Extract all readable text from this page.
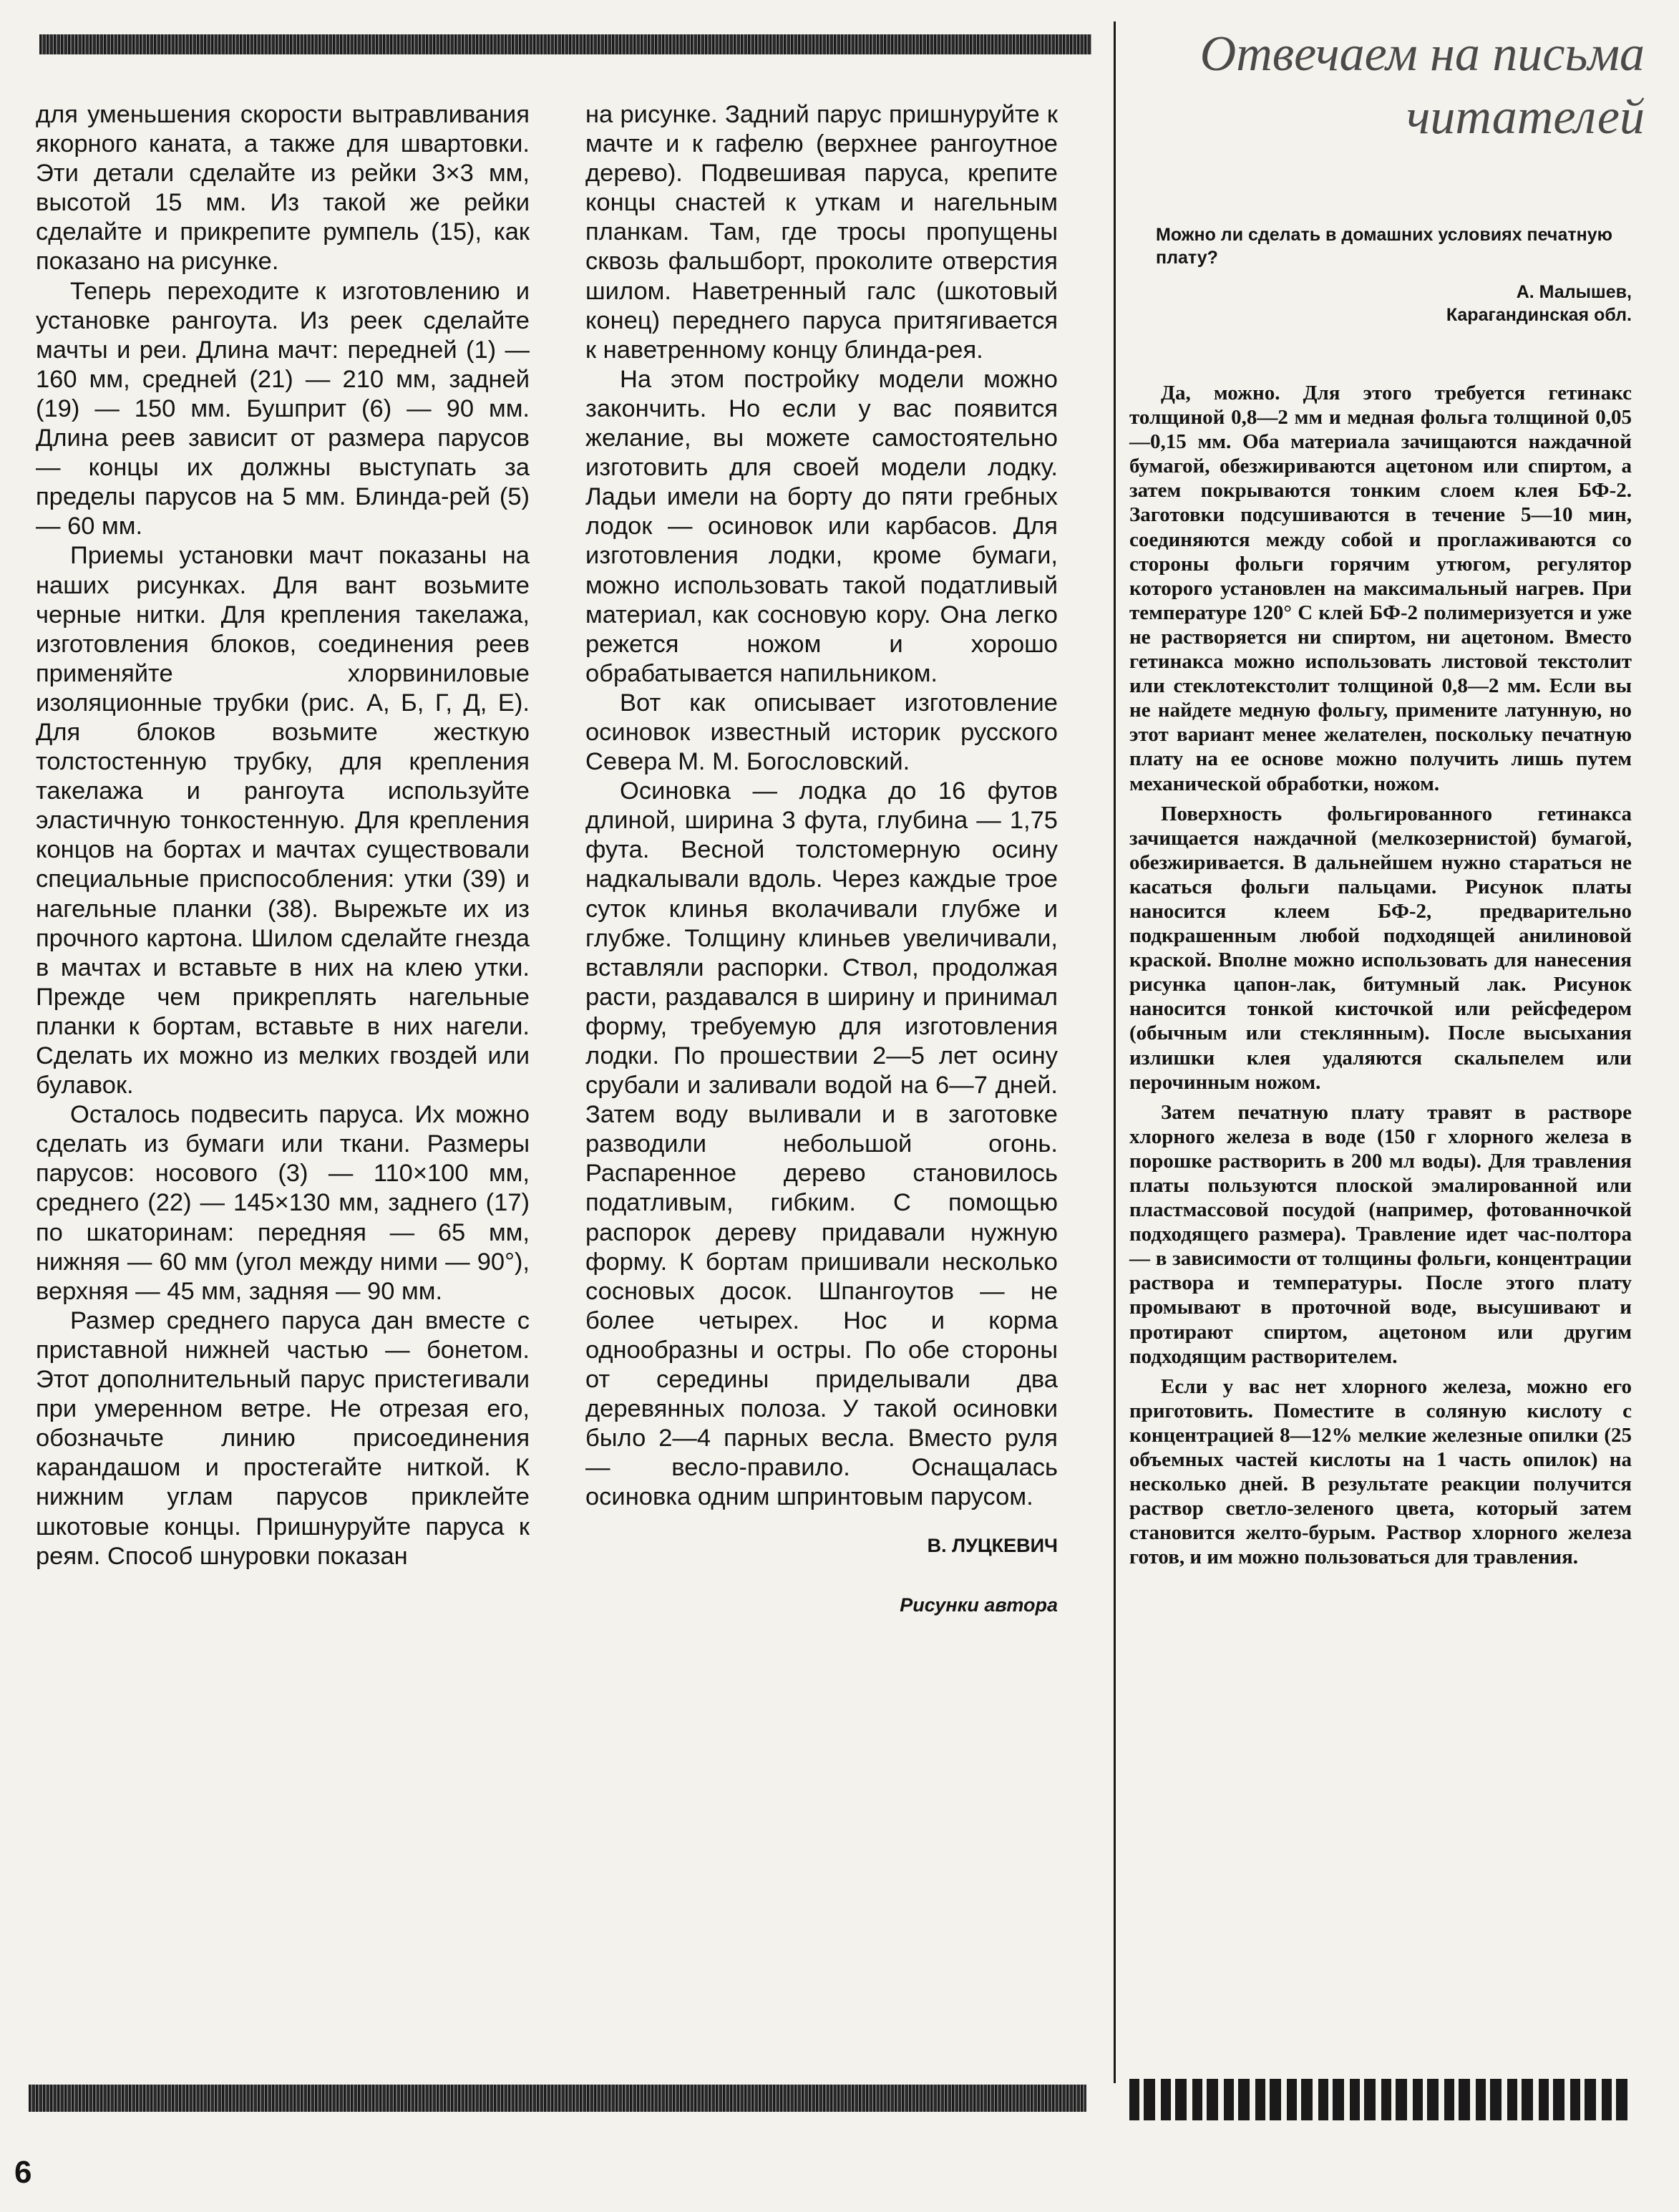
для уменьшения скорости вытравливания якорного каната, а также для швартовки. Эти детали сделайте из рейки 3×3 мм, высотой 15 мм. Из такой же рейки сделайте и прикрепите румпель (15), как показано на рисунке.

Теперь переходите к изготовлению и установке рангоута. Из реек сделайте мачты и реи. Длина мачт: передней (1) — 160 мм, средней (21) — 210 мм, задней (19) — 150 мм. Бушприт (6) — 90 мм. Длина реев зависит от размера парусов — концы их должны выступать за пределы парусов на 5 мм. Блинда-рей (5) — 60 мм.

Приемы установки мачт показаны на наших рисунках. Для вант возьмите черные нитки. Для крепления такелажа, изготовления блоков, соединения реев применяйте хлорвиниловые изоляционные трубки (рис. А, Б, Г, Д, Е). Для блоков возьмите жесткую толстостенную трубку, для крепления такелажа и рангоута используйте эластичную тонкостенную. Для крепления концов на бортах и мачтах существовали специальные приспособления: утки (39) и нагельные планки (38). Вырежьте их из прочного картона. Шилом сделайте гнезда в мачтах и вставьте в них на клею утки. Прежде чем прикреплять нагельные планки к бортам, вставьте в них нагели. Сделать их можно из мелких гвоздей или булавок.

Осталось подвесить паруса. Их можно сделать из бумаги или ткани. Размеры парусов: носового (3) — 110×100 мм, среднего (22) — 145×130 мм, заднего (17) по шкаторинам: передняя — 65 мм, нижняя — 60 мм (угол между ними — 90°), верхняя — 45 мм, задняя — 90 мм.

Размер среднего паруса дан вместе с приставной нижней частью — бонетом. Этот дополнительный парус пристегивали при умеренном ветре. Не отрезая его, обозначьте линию присоединения карандашом и простегайте ниткой. К нижним углам парусов приклейте шкотовые концы. Пришнуруйте паруса к реям. Способ шнуровки показан

на рисунке. Задний парус пришнуруйте к мачте и к гафелю (верхнее рангоутное дерево). Подвешивая паруса, крепите концы снастей к уткам и нагельным планкам. Там, где тросы пропущены сквозь фальшборт, проколите отверстия шилом. Наветренный галс (шкотовый конец) переднего паруса притягивается к наветренному концу блинда-рея.

На этом постройку модели можно закончить. Но если у вас появится желание, вы можете самостоятельно изготовить для своей модели лодку. Ладьи имели на борту до пяти гребных лодок — осиновок или карбасов. Для изготовления лодки, кроме бумаги, можно использовать такой податливый материал, как сосновую кору. Она легко режется ножом и хорошо обрабатывается напильником.

Вот как описывает изготовление осиновок известный историк русского Севера М. М. Богословский.

Осиновка — лодка до 16 футов длиной, ширина 3 фута, глубина — 1,75 фута. Весной толстомерную осину надкалывали вдоль. Через каждые трое суток клинья вколачивали глубже и глубже. Толщину клиньев увеличивали, вставляли распорки. Ствол, продолжая расти, раздавался в ширину и принимал форму, требуемую для изготовления лодки. По прошествии 2—5 лет осину срубали и заливали водой на 6—7 дней. Затем воду выливали и в заготовке разводили небольшой огонь. Распаренное дерево становилось податливым, гибким. С помощью распорок дереву придавали нужную форму. К бортам пришивали несколько сосновых досок. Шпангоутов — не более четырех. Нос и корма однообразны и остры. По обе стороны от середины приделывали два деревянных полоза. У такой осиновки было 2—4 парных весла. Вместо руля — весло-правило. Оснащалась осиновка одним шпринтовым парусом.

В. ЛУЦКЕВИЧ

Рисунки автора

Отвечаем на письма читателей
Можно ли сделать в домашних условиях печатную плату?
А. Малышев,
Карагандинская обл.

Да, можно. Для этого требуется гетинакс толщиной 0,8—2 мм и медная фольга толщиной 0,05—0,15 мм. Оба материала зачищаются наждачной бумагой, обезжириваются ацетоном или спиртом, а затем покрываются тонким слоем клея БФ-2. Заготовки подсушиваются в течение 5—10 мин, соединяются между собой и проглаживаются со стороны фольги горячим утюгом, регулятор которого установлен на максимальный нагрев. При температуре 120° С клей БФ-2 полимеризуется и уже не растворяется ни спиртом, ни ацетоном. Вместо гетинакса можно использовать листовой текстолит или стеклотекстолит толщиной 0,8—2 мм. Если вы не найдете медную фольгу, примените латунную, но этот вариант менее желателен, поскольку печатную плату на ее основе можно получить лишь путем механической обработки, ножом.

Поверхность фольгированного гетинакса зачищается наждачной (мелкозернистой) бумагой, обезжиривается. В дальнейшем нужно стараться не касаться фольги пальцами. Рисунок платы наносится клеем БФ-2, предварительно подкрашенным любой подходящей анилиновой краской. Вполне можно использовать для нанесения рисунка цапон-лак, битумный лак. Рисунок наносится тонкой кисточкой или рейсфедером (обычным или стеклянным). После высыхания излишки клея удаляются скальпелем или перочинным ножом.

Затем печатную плату травят в растворе хлорного железа в воде (150 г хлорного железа в порошке растворить в 200 мл воды). Для травления платы пользуются плоской эмалированной или пластмассовой посудой (например, фотованночкой подходящего размера). Травление идет час-полтора — в зависимости от толщины фольги, концентрации раствора и температуры. После этого плату промывают в проточной воде, высушивают и протирают спиртом, ацетоном или другим подходящим растворителем.

Если у вас нет хлорного железа, можно его приготовить. Поместите в соляную кислоту с концентрацией 8—12% мелкие железные опилки (25 объемных частей кислоты на 1 часть опилок) на несколько дней. В результате реакции получится раствор светло-зеленого цвета, который затем становится желто-бурым. Раствор хлорного железа готов, и им можно пользоваться для травления.

6
